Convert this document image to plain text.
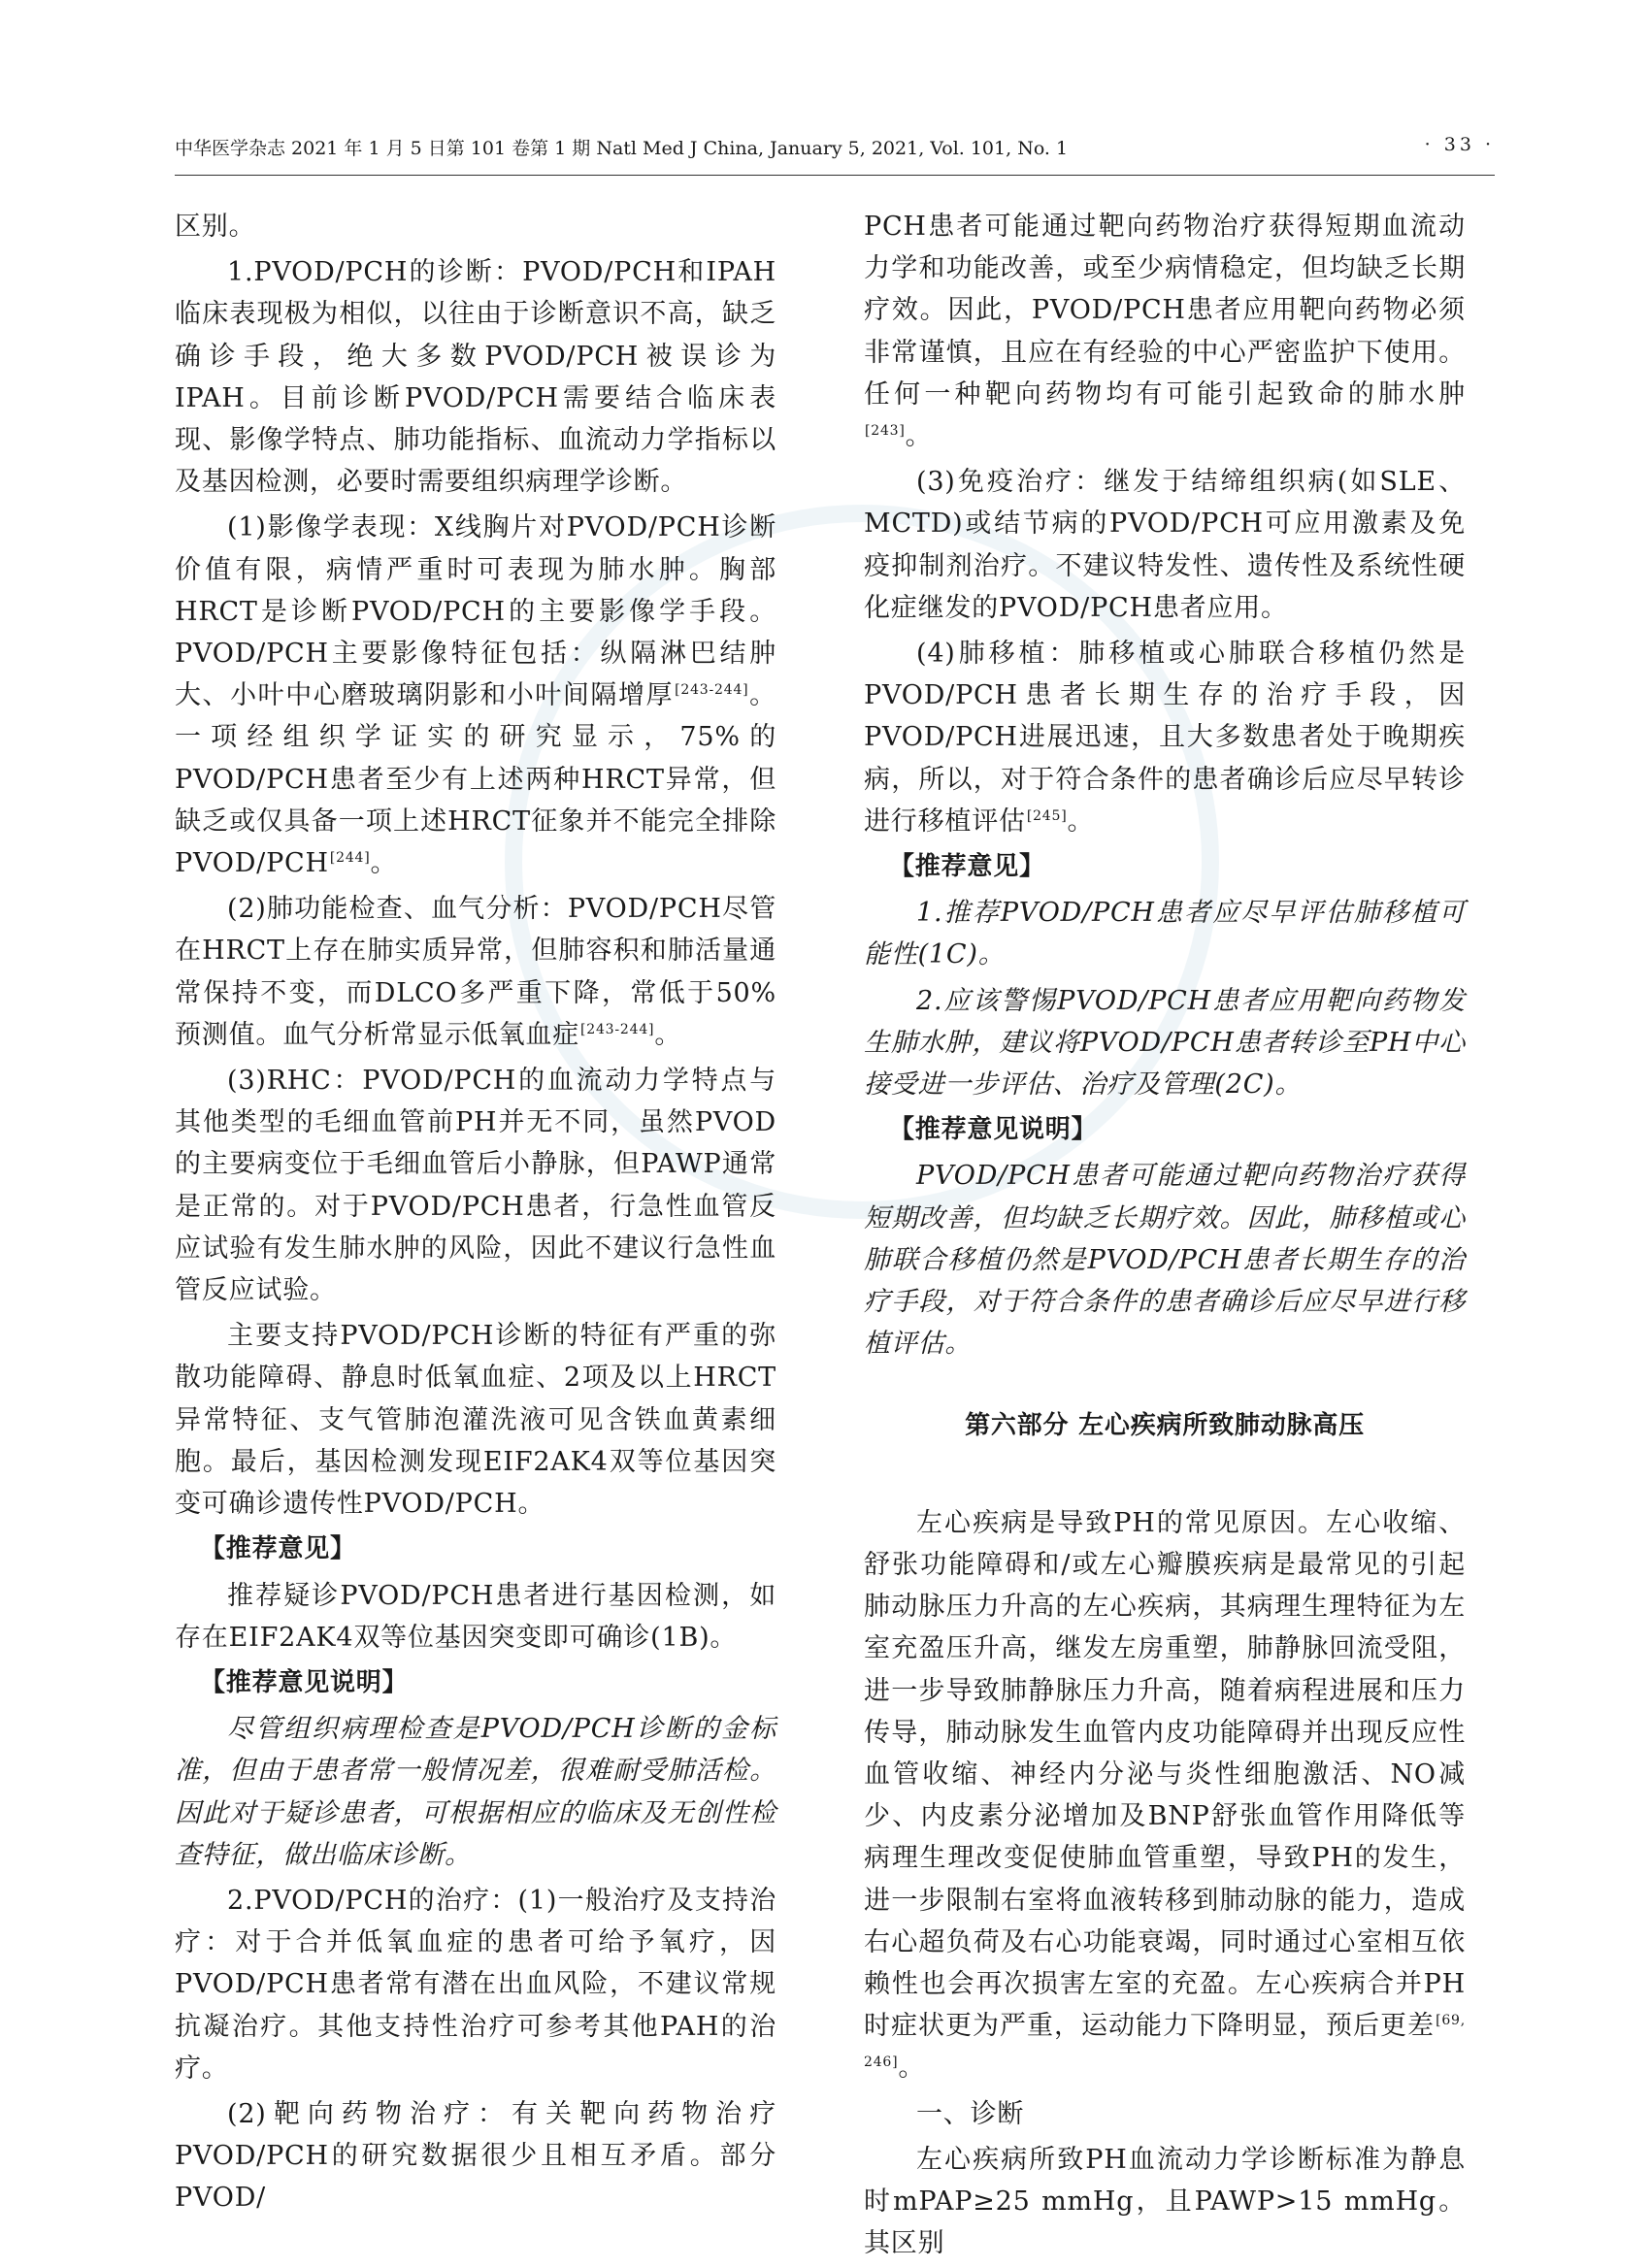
中华医学杂志 2021 年 1 月 5 日第 101 卷第 1 期 Natl Med J China, January 5, 2021, Vol. 101, No. 1	· 33 ·

区别。

1.PVOD/PCH的诊断：PVOD/PCH和IPAH临床表现极为相似，以往由于诊断意识不高，缺乏确诊手段，绝大多数PVOD/PCH被误诊为IPAH。目前诊断PVOD/PCH需要结合临床表现、影像学特点、肺功能指标、血流动力学指标以及基因检测，必要时需要组织病理学诊断。

(1)影像学表现：X线胸片对PVOD/PCH诊断价值有限，病情严重时可表现为肺水肿。胸部HRCT是诊断PVOD/PCH的主要影像学手段。PVOD/PCH主要影像特征包括：纵隔淋巴结肿大、小叶中心磨玻璃阴影和小叶间隔增厚[243-244]。一项经组织学证实的研究显示，75%的PVOD/PCH患者至少有上述两种HRCT异常，但缺乏或仅具备一项上述HRCT征象并不能完全排除PVOD/PCH[244]。

(2)肺功能检查、血气分析：PVOD/PCH尽管在HRCT上存在肺实质异常，但肺容积和肺活量通常保持不变，而DLCO多严重下降，常低于50%预测值。血气分析常显示低氧血症[243-244]。

(3)RHC：PVOD/PCH的血流动力学特点与其他类型的毛细血管前PH并无不同，虽然PVOD的主要病变位于毛细血管后小静脉，但PAWP通常是正常的。对于PVOD/PCH患者，行急性血管反应试验有发生肺水肿的风险，因此不建议行急性血管反应试验。

主要支持PVOD/PCH诊断的特征有严重的弥散功能障碍、静息时低氧血症、2项及以上HRCT异常特征、支气管肺泡灌洗液可见含铁血黄素细胞。最后，基因检测发现EIF2AK4双等位基因突变可确诊遗传性PVOD/PCH。

【推荐意见】

推荐疑诊PVOD/PCH患者进行基因检测，如存在EIF2AK4双等位基因突变即可确诊(1B)。

【推荐意见说明】

尽管组织病理检查是PVOD/PCH诊断的金标准，但由于患者常一般情况差，很难耐受肺活检。因此对于疑诊患者，可根据相应的临床及无创性检查特征，做出临床诊断。

2.PVOD/PCH的治疗：(1)一般治疗及支持治疗：对于合并低氧血症的患者可给予氧疗，因PVOD/PCH患者常有潜在出血风险，不建议常规抗凝治疗。其他支持性治疗可参考其他PAH的治疗。

(2)靶向药物治疗：有关靶向药物治疗PVOD/PCH的研究数据很少且相互矛盾。部分PVOD/

PCH患者可能通过靶向药物治疗获得短期血流动力学和功能改善，或至少病情稳定，但均缺乏长期疗效。因此，PVOD/PCH患者应用靶向药物必须非常谨慎，且应在有经验的中心严密监护下使用。任何一种靶向药物均有可能引起致命的肺水肿[243]。

(3)免疫治疗：继发于结缔组织病(如SLE、MCTD)或结节病的PVOD/PCH可应用激素及免疫抑制剂治疗。不建议特发性、遗传性及系统性硬化症继发的PVOD/PCH患者应用。

(4)肺移植：肺移植或心肺联合移植仍然是PVOD/PCH患者长期生存的治疗手段，因PVOD/PCH进展迅速，且大多数患者处于晚期疾病，所以，对于符合条件的患者确诊后应尽早转诊进行移植评估[245]。

【推荐意见】

1.推荐PVOD/PCH患者应尽早评估肺移植可能性(1C)。

2.应该警惕PVOD/PCH患者应用靶向药物发生肺水肿，建议将PVOD/PCH患者转诊至PH中心接受进一步评估、治疗及管理(2C)。

【推荐意见说明】

PVOD/PCH患者可能通过靶向药物治疗获得短期改善，但均缺乏长期疗效。因此，肺移植或心肺联合移植仍然是PVOD/PCH患者长期生存的治疗手段，对于符合条件的患者确诊后应尽早进行移植评估。

第六部分 左心疾病所致肺动脉高压

左心疾病是导致PH的常见原因。左心收缩、舒张功能障碍和/或左心瓣膜疾病是最常见的引起肺动脉压力升高的左心疾病，其病理生理特征为左室充盈压升高，继发左房重塑，肺静脉回流受阻，进一步导致肺静脉压力升高，随着病程进展和压力传导，肺动脉发生血管内皮功能障碍并出现反应性血管收缩、神经内分泌与炎性细胞激活、NO减少、内皮素分泌增加及BNP舒张血管作用降低等病理生理改变促使肺血管重塑，导致PH的发生，进一步限制右室将血液转移到肺动脉的能力，造成右心超负荷及右心功能衰竭，同时通过心室相互依赖性也会再次损害左室的充盈。左心疾病合并PH时症状更为严重，运动能力下降明显，预后更差[69, 246]。

一、诊断

左心疾病所致PH血流动力学诊断标准为静息时mPAP≥25 mmHg，且PAWP>15 mmHg。其区别
